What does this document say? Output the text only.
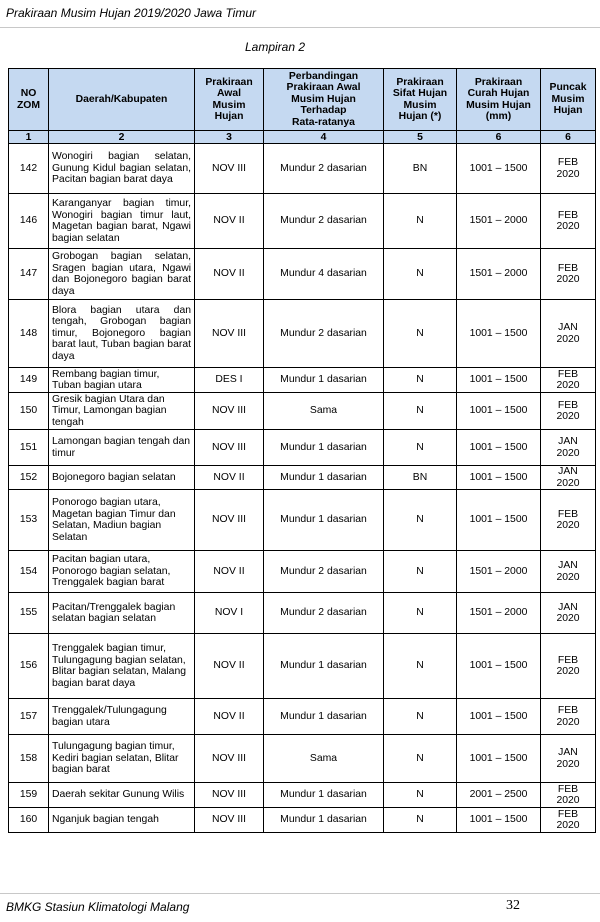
Prakiraan Musim Hujan 2019/2020 Jawa Timur
Lampiran 2
NO
ZOM	Daerah/Kabupaten	Prakiraan
Awal
Musim
Hujan	Perbandingan
Prakiraan Awal
Musim Hujan
Terhadap
Rata-ratanya	Prakiraan
Sifat Hujan
Musim
Hujan (*)	Prakiraan
Curah Hujan
Musim Hujan
(mm)	Puncak
Musim
Hujan
1	2	3	4	5	6	6
142	Wonogiri bagian selatan, Gunung Kidul bagian selatan, Pacitan bagian barat daya	NOV III	Mundur 2 dasarian	BN	1001 – 1500	FEB
2020
146	Karanganyar bagian timur, Wonogiri bagian timur laut, Magetan bagian barat, Ngawi bagian selatan	NOV II	Mundur 2 dasarian	N	1501 – 2000	FEB
2020
147	Grobogan bagian selatan, Sragen bagian utara, Ngawi dan Bojonegoro bagian barat daya	NOV II	Mundur 4 dasarian	N	1501 – 2000	FEB
2020
148	Blora bagian utara dan tengah, Grobogan bagian timur, Bojonegoro bagian barat laut, Tuban bagian barat daya	NOV III	Mundur 2 dasarian	N	1001 – 1500	JAN
2020
149	Rembang bagian timur, Tuban bagian utara	DES I	Mundur 1 dasarian	N	1001 – 1500	FEB
2020
150	Gresik bagian Utara dan Timur, Lamongan bagian tengah	NOV III	Sama	N	1001 – 1500	FEB
2020
151	Lamongan bagian tengah dan timur	NOV III	Mundur 1 dasarian	N	1001 – 1500	JAN
2020
152	Bojonegoro bagian selatan	NOV II	Mundur 1 dasarian	BN	1001 – 1500	JAN
2020
153	Ponorogo bagian utara, Magetan bagian Timur dan Selatan, Madiun bagian Selatan	NOV III	Mundur 1 dasarian	N	1001 – 1500	FEB
2020
154	Pacitan bagian utara, Ponorogo bagian selatan, Trenggalek bagian barat	NOV II	Mundur 2 dasarian	N	1501 – 2000	JAN
2020
155	Pacitan/Trenggalek bagian selatan bagian selatan	NOV I	Mundur 2 dasarian	N	1501 – 2000	JAN
2020
156	Trenggalek bagian timur, Tulungagung bagian selatan, Blitar bagian selatan, Malang bagian barat daya	NOV II	Mundur 1 dasarian	N	1001 – 1500	FEB
2020
157	Trenggalek/Tulungagung bagian utara	NOV II	Mundur 1 dasarian	N	1001 – 1500	FEB
2020
158	Tulungagung bagian timur, Kediri bagian selatan, Blitar bagian barat	NOV III	Sama	N	1001 – 1500	JAN
2020
159	Daerah sekitar Gunung Wilis	NOV III	Mundur 1 dasarian	N	2001 – 2500	FEB
2020
160	Nganjuk bagian tengah	NOV III	Mundur 1 dasarian	N	1001 – 1500	FEB
2020
BMKG Stasiun Klimatologi Malang	32
